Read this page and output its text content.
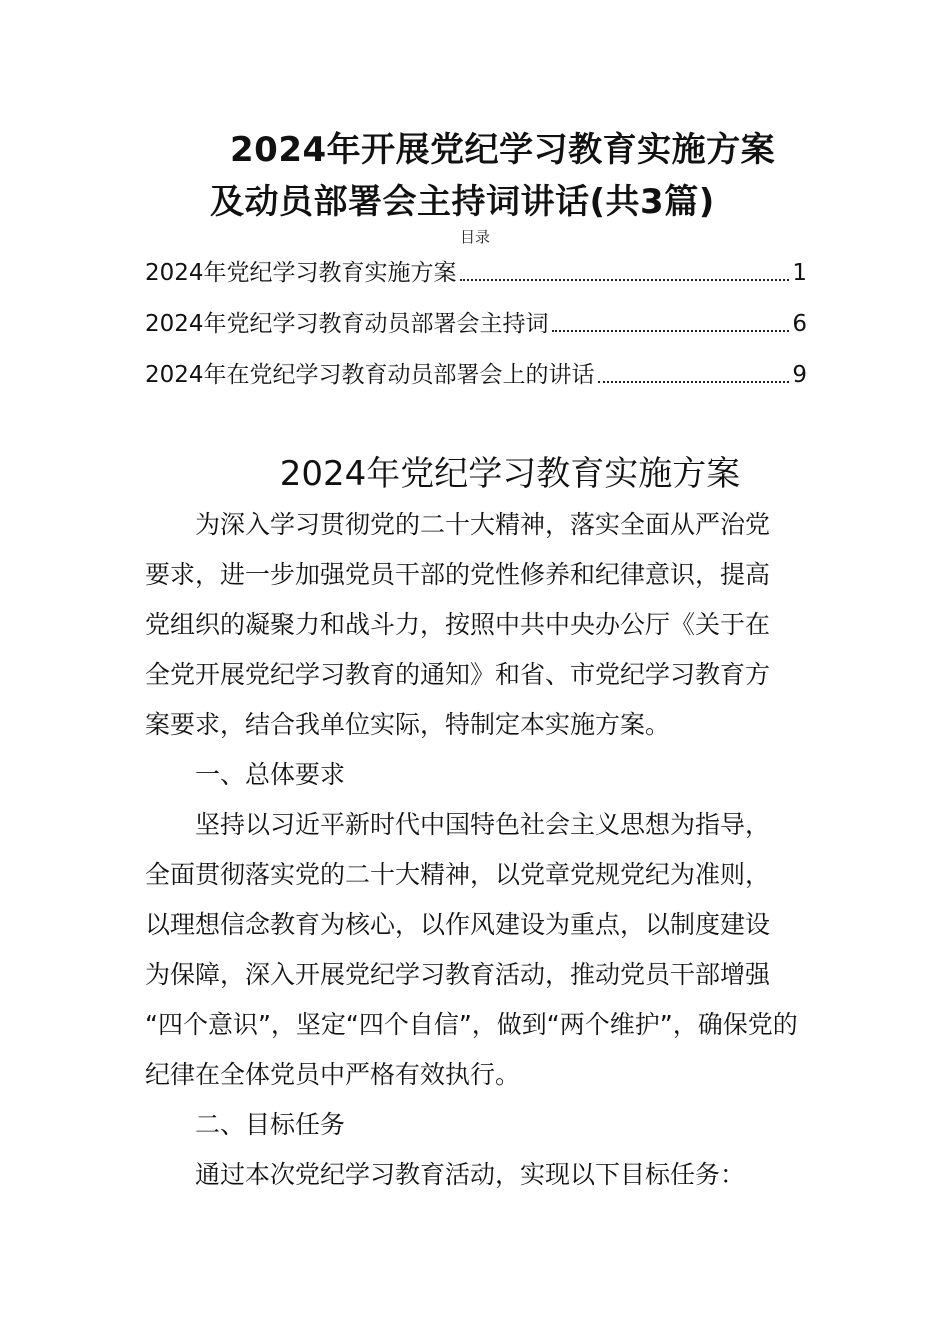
2024年开展党纪学习教育实施方案
及动员部署会主持词讲话(共3篇)
目录
2024年党纪学习教育实施方案	1
2024年党纪学习教育动员部署会主持词	6
2024年在党纪学习教育动员部署会上的讲话	9
2024年党纪学习教育实施方案
为深入学习贯彻党的二十大精神，落实全面从严治党
要求，进一步加强党员干部的党性修养和纪律意识，提高
党组织的凝聚力和战斗力，按照中共中央办公厅《关于在
全党开展党纪学习教育的通知》和省、市党纪学习教育方
案要求，结合我单位实际，特制定本实施方案。
一、总体要求
坚持以习近平新时代中国特色社会主义思想为指导，
全面贯彻落实党的二十大精神，以党章党规党纪为准则，
以理想信念教育为核心，以作风建设为重点，以制度建设
为保障，深入开展党纪学习教育活动，推动党员干部增强
“四个意识”，坚定“四个自信”，做到“两个维护”，确保党的
纪律在全体党员中严格有效执行。
二、目标任务
通过本次党纪学习教育活动，实现以下目标任务：
